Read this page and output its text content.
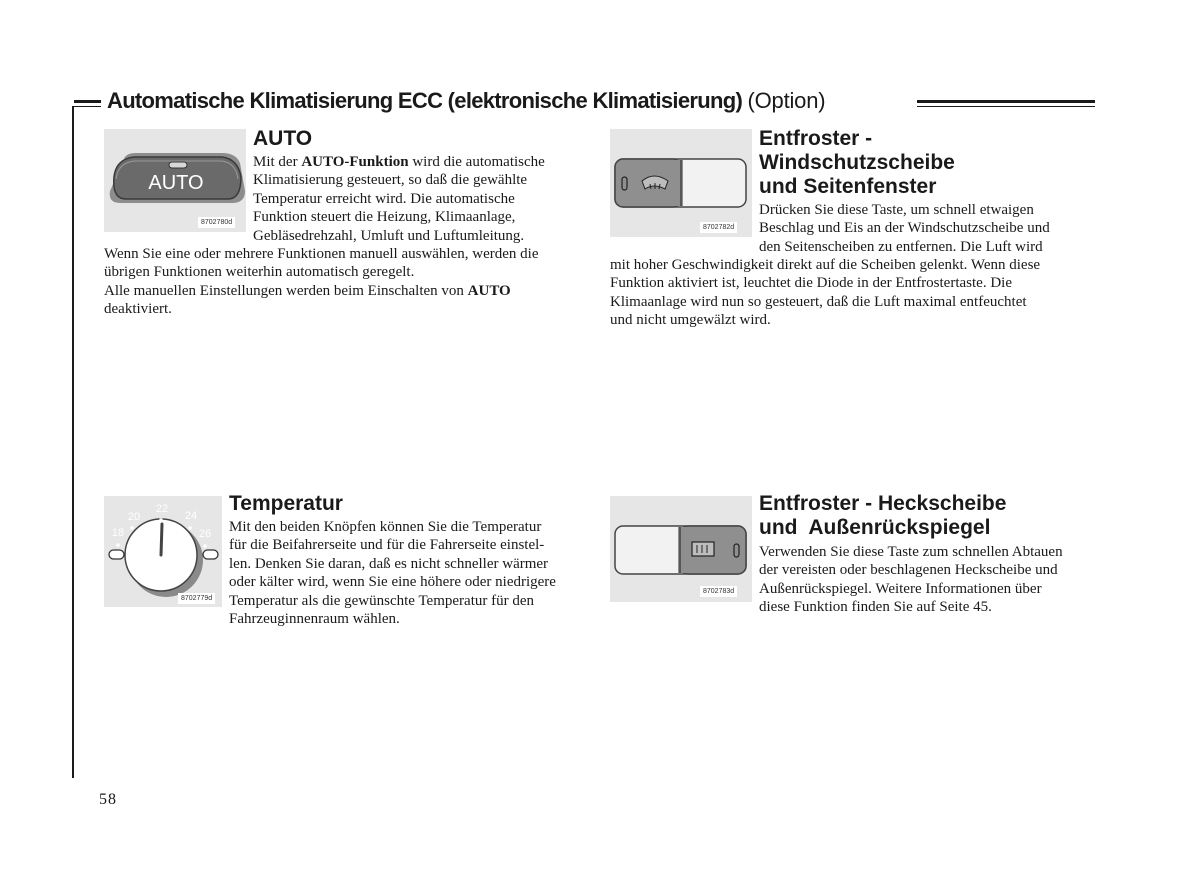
Automatische Klimatisierung ECC (elektronische Klimatisierung) (Option)
AUTO
8702780d
AUTO
Mit der AUTO-Funktion wird die automatische
Klimatisierung gesteuert, so daß die gewählte
Temperatur erreicht wird. Die automatische
Funktion steuert die Heizung, Klimaanlage,
Gebläsedrehzahl, Umluft und Luftumleitung.
Wenn Sie eine oder mehrere Funktionen manuell auswählen, werden die
übrigen Funktionen weiterhin automatisch geregelt.
Alle manuellen Einstellungen werden beim Einschalten von AUTO
deaktiviert.
8702782d
Entfroster -
Windschutzscheibe
und Seitenfenster
Drücken Sie diese Taste, um schnell etwaigen
Beschlag und Eis an der Windschutzscheibe und
den Seitenscheiben zu entfernen. Die Luft wird
mit hoher Geschwindigkeit direkt auf die Scheiben gelenkt. Wenn diese
Funktion aktiviert ist, leuchtet die Diode in der Entfrostertaste. Die
Klimaanlage wird nun so gesteuert, daß die Luft maximal entfeuchtet
und nicht umgewälzt wird.
18
20
22
24
26
8702779d
Temperatur
Mit den beiden Knöpfen können Sie die Temperatur
für die Beifahrerseite und für die Fahrerseite einstel-
len. Denken Sie daran, daß es nicht schneller wärmer
oder kälter wird, wenn Sie eine höhere oder niedrigere
Temperatur als die gewünschte Temperatur für den
Fahrzeuginnenraum wählen.
8702783d
Entfroster - Heckscheibe
und  Außenrückspiegel
Verwenden Sie diese Taste zum schnellen Abtauen
der vereisten oder beschlagenen Heckscheibe und
Außenrückspiegel. Weitere Informationen über
diese Funktion finden Sie auf Seite 45.
58
